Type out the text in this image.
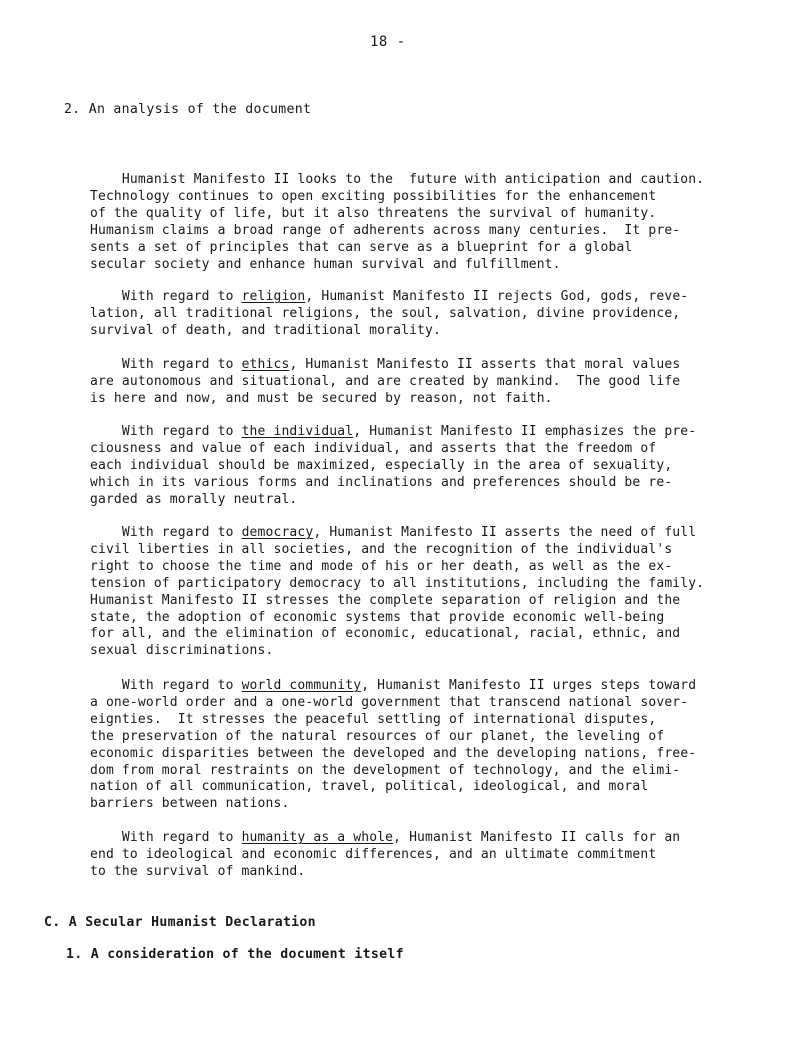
18 -
2. An analysis of the document
Humanist Manifesto II looks to the  future with anticipation and caution.
Technology continues to open exciting possibilities for the enhancement
of the quality of life, but it also threatens the survival of humanity.
Humanism claims a broad range of adherents across many centuries.  It pre-
sents a set of principles that can serve as a blueprint for a global
secular society and enhance human survival and fulfillment.
With regard to religion, Humanist Manifesto II rejects God, gods, reve-
lation, all traditional religions, the soul, salvation, divine providence,
survival of death, and traditional morality.
With regard to ethics, Humanist Manifesto II asserts that moral values
are autonomous and situational, and are created by mankind.  The good life
is here and now, and must be secured by reason, not faith.
With regard to the individual, Humanist Manifesto II emphasizes the pre-
ciousness and value of each individual, and asserts that the freedom of
each individual should be maximized, especially in the area of sexuality,
which in its various forms and inclinations and preferences should be re-
garded as morally neutral.
With regard to democracy, Humanist Manifesto II asserts the need of full
civil liberties in all societies, and the recognition of the individual's
right to choose the time and mode of his or her death, as well as the ex-
tension of participatory democracy to all institutions, including the family.
Humanist Manifesto II stresses the complete separation of religion and the
state, the adoption of economic systems that provide economic well-being
for all, and the elimination of economic, educational, racial, ethnic, and
sexual discriminations.
With regard to world community, Humanist Manifesto II urges steps toward
a one-world order and a one-world government that transcend national sover-
eignties.  It stresses the peaceful settling of international disputes,
the preservation of the natural resources of our planet, the leveling of
economic disparities between the developed and the developing nations, free-
dom from moral restraints on the development of technology, and the elimi-
nation of all communication, travel, political, ideological, and moral
barriers between nations.
With regard to humanity as a whole, Humanist Manifesto II calls for an
end to ideological and economic differences, and an ultimate commitment
to the survival of mankind.
C. A Secular Humanist Declaration
1. A consideration of the document itself
